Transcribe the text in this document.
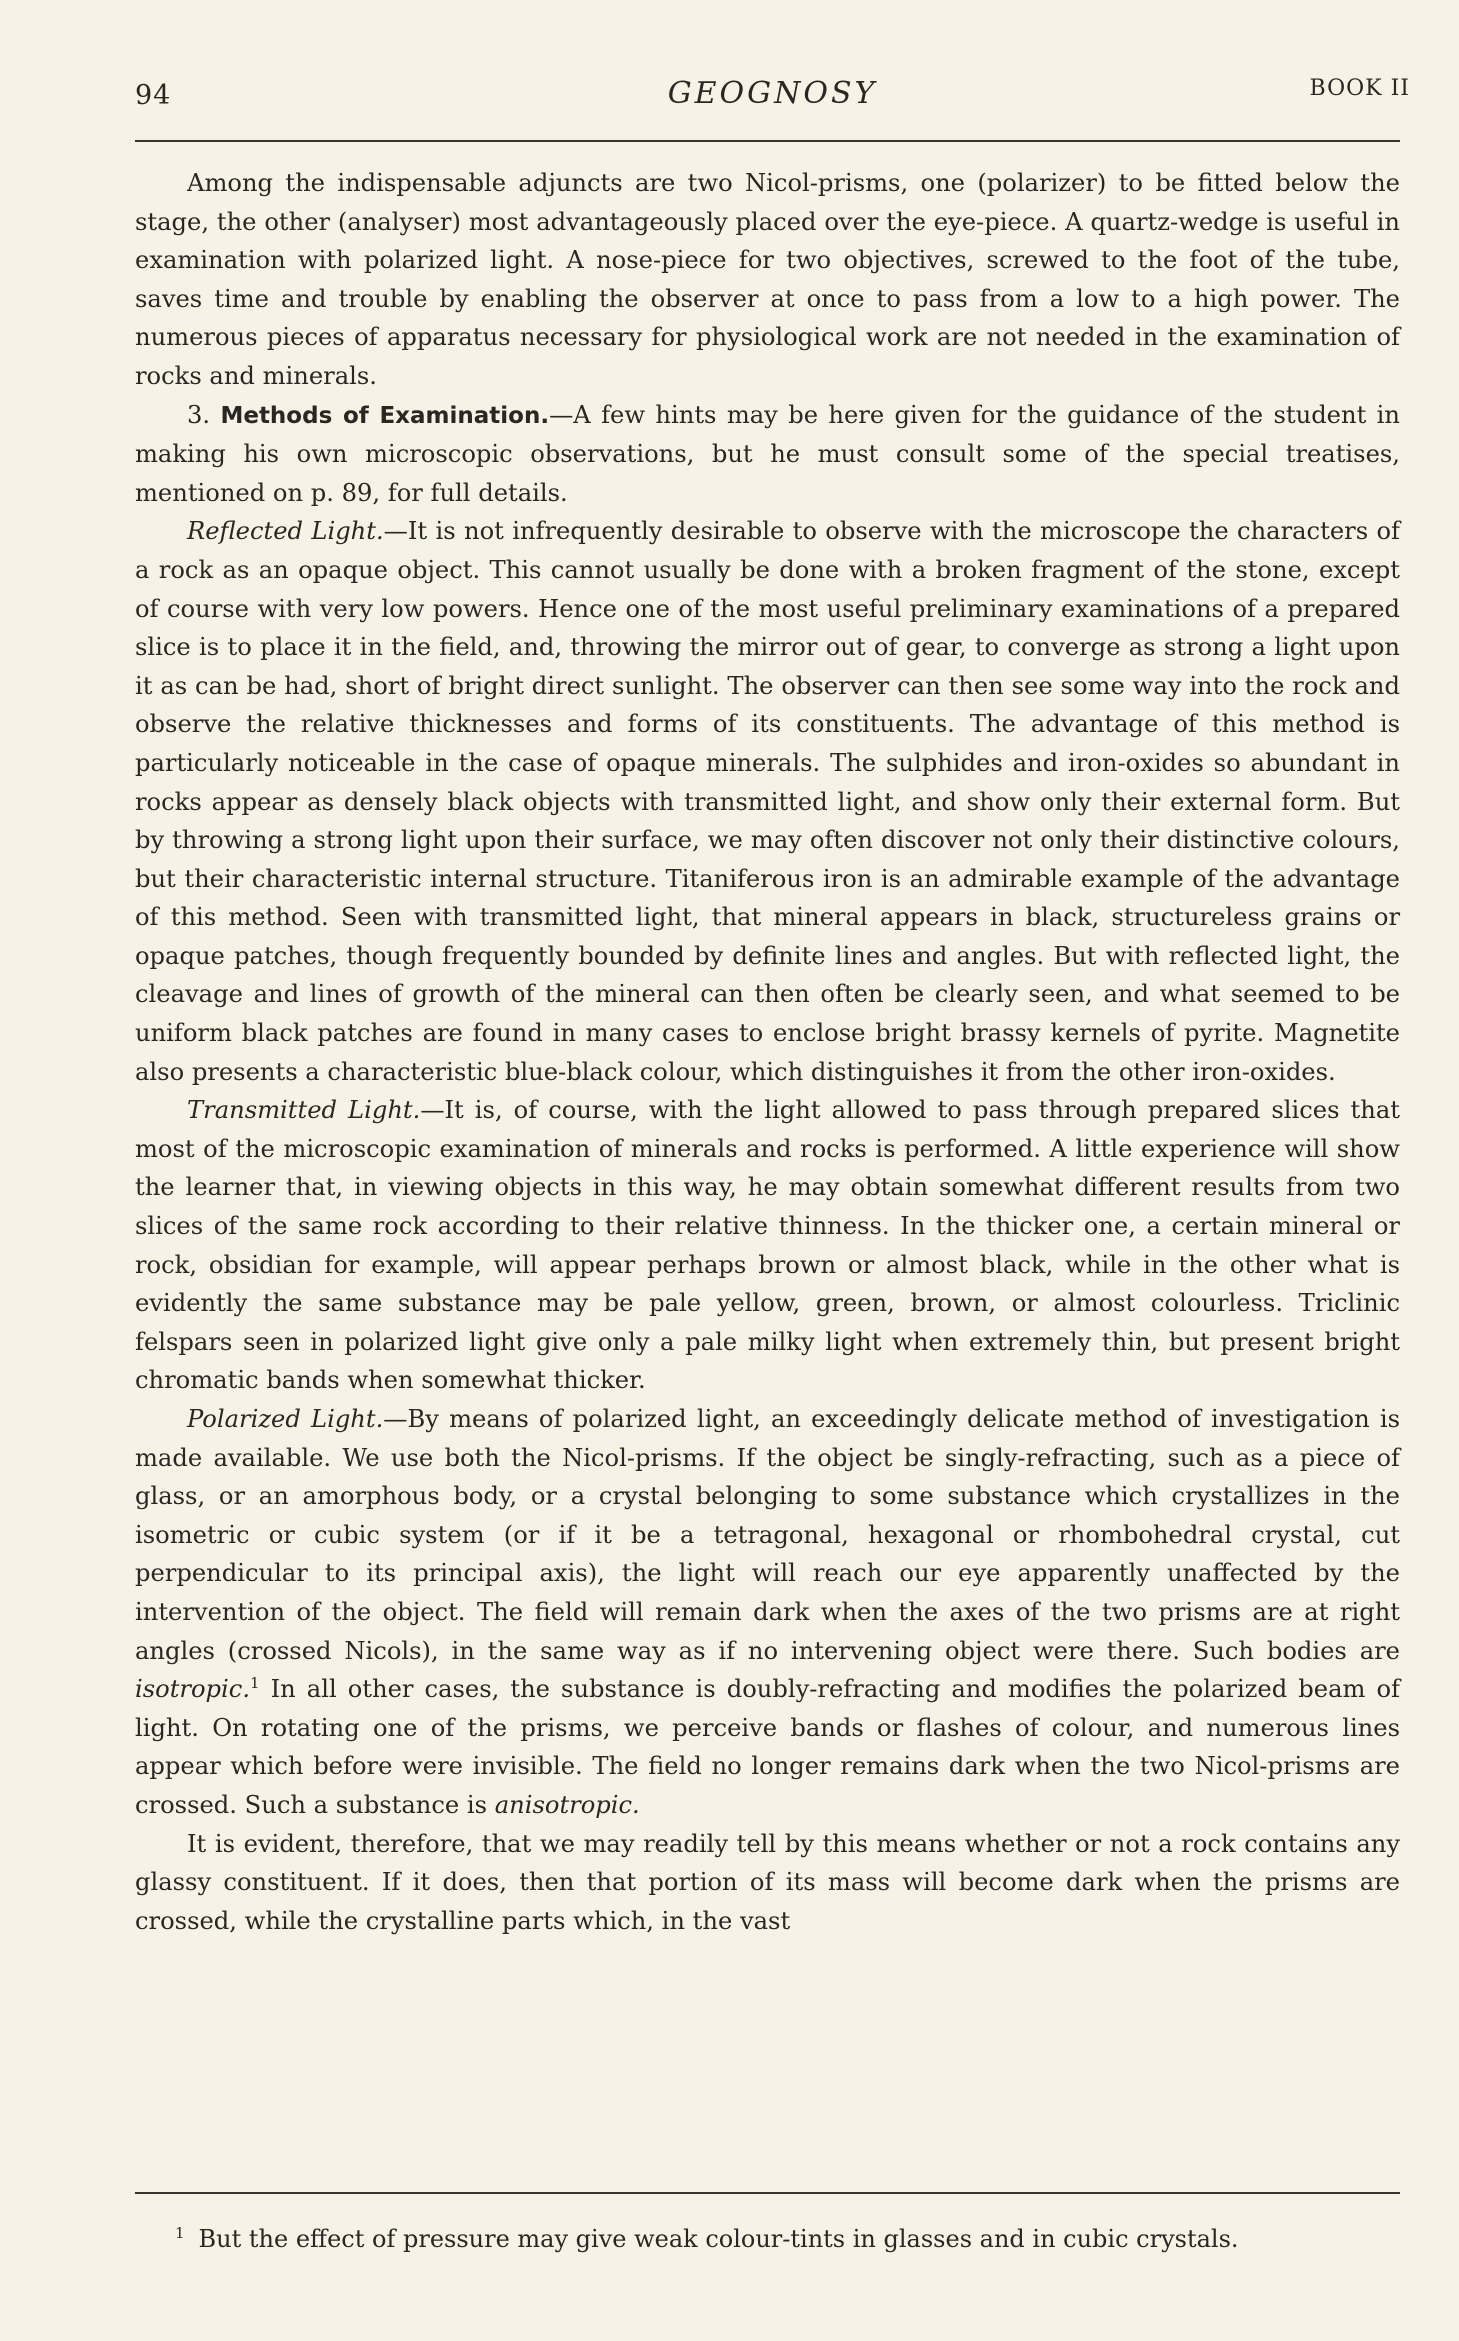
94	GEOGNOSY	BOOK II

Among the indispensable adjuncts are two Nicol-prisms, one (polarizer) to be fitted below the stage, the other (analyser) most advantageously placed over the eye-piece. A quartz-wedge is useful in examination with polarized light. A nose-piece for two objectives, screwed to the foot of the tube, saves time and trouble by enabling the observer at once to pass from a low to a high power. The numerous pieces of apparatus necessary for physiological work are not needed in the examination of rocks and minerals.

3. Methods of Examination.—A few hints may be here given for the guidance of the student in making his own microscopic observations, but he must consult some of the special treatises, mentioned on p. 89, for full details.

Reflected Light.—It is not infrequently desirable to observe with the microscope the characters of a rock as an opaque object. This cannot usually be done with a broken fragment of the stone, except of course with very low powers. Hence one of the most useful preliminary examinations of a prepared slice is to place it in the field, and, throwing the mirror out of gear, to converge as strong a light upon it as can be had, short of bright direct sunlight. The observer can then see some way into the rock and observe the relative thicknesses and forms of its constituents. The advantage of this method is particularly noticeable in the case of opaque minerals. The sulphides and iron-oxides so abundant in rocks appear as densely black objects with transmitted light, and show only their external form. But by throwing a strong light upon their surface, we may often discover not only their distinctive colours, but their characteristic internal structure. Titaniferous iron is an admirable example of the advantage of this method. Seen with transmitted light, that mineral appears in black, structureless grains or opaque patches, though frequently bounded by definite lines and angles. But with reflected light, the cleavage and lines of growth of the mineral can then often be clearly seen, and what seemed to be uniform black patches are found in many cases to enclose bright brassy kernels of pyrite. Magnetite also presents a characteristic blue-black colour, which distinguishes it from the other iron-oxides.

Transmitted Light.—It is, of course, with the light allowed to pass through prepared slices that most of the microscopic examination of minerals and rocks is performed. A little experience will show the learner that, in viewing objects in this way, he may obtain somewhat different results from two slices of the same rock according to their relative thinness. In the thicker one, a certain mineral or rock, obsidian for example, will appear perhaps brown or almost black, while in the other what is evidently the same substance may be pale yellow, green, brown, or almost colourless. Triclinic felspars seen in polarized light give only a pale milky light when extremely thin, but present bright chromatic bands when somewhat thicker.

Polarized Light.—By means of polarized light, an exceedingly delicate method of investigation is made available. We use both the Nicol-prisms. If the object be singly-refracting, such as a piece of glass, or an amorphous body, or a crystal belonging to some substance which crystallizes in the isometric or cubic system (or if it be a tetragonal, hexagonal or rhombohedral crystal, cut perpendicular to its principal axis), the light will reach our eye apparently unaffected by the intervention of the object. The field will remain dark when the axes of the two prisms are at right angles (crossed Nicols), in the same way as if no intervening object were there. Such bodies are isotropic.$^1$ In all other cases, the substance is doubly-refracting and modifies the polarized beam of light. On rotating one of the prisms, we perceive bands or flashes of colour, and numerous lines appear which before were invisible. The field no longer remains dark when the two Nicol-prisms are crossed. Such a substance is anisotropic.

It is evident, therefore, that we may readily tell by this means whether or not a rock contains any glassy constituent. If it does, then that portion of its mass will become dark when the prisms are crossed, while the crystalline parts which, in the vast

$^1$ But the effect of pressure may give weak colour-tints in glasses and in cubic crystals.
